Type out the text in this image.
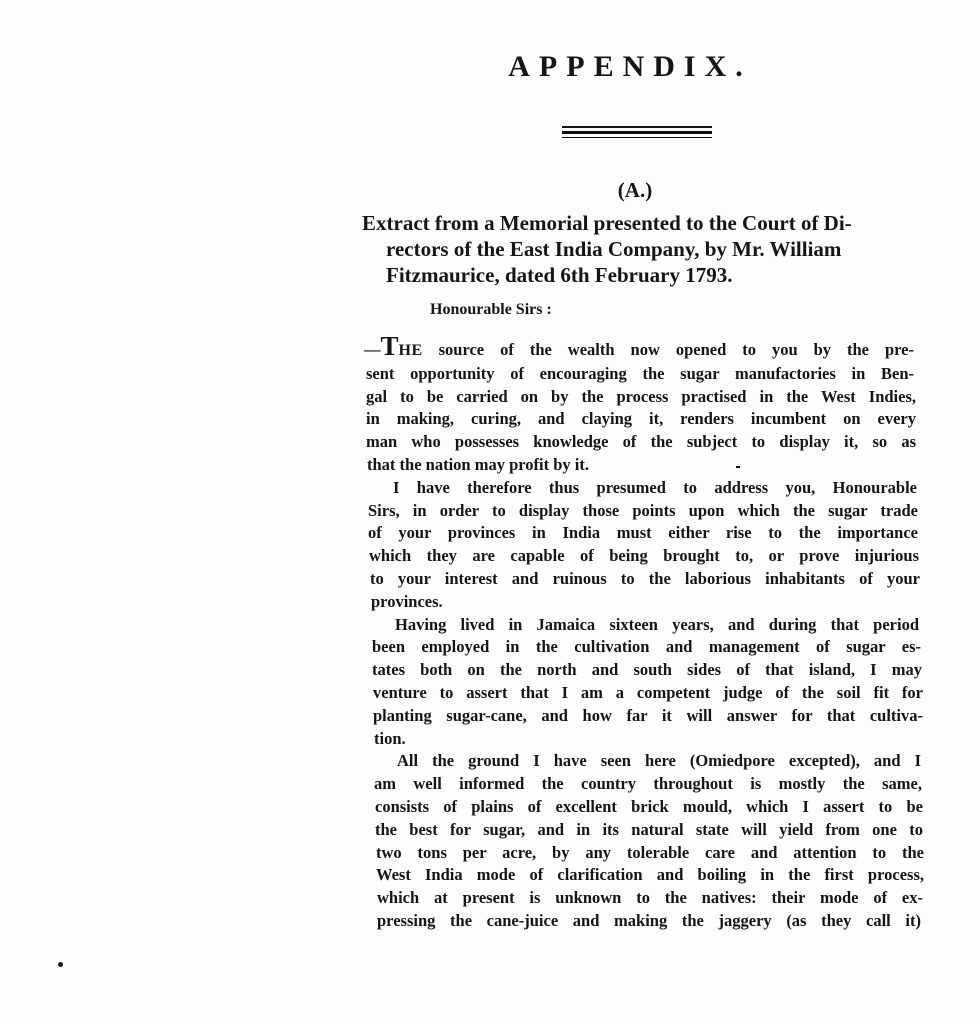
APPENDIX.
(A.)
Extract from a Memorial presented to the Court of Di-
rectors of the East India Company, by Mr. William
Fitzmaurice, dated 6th February 1793.
Honourable Sirs :
—THE source of the wealth now opened to you by the pre-
sent opportunity of encouraging the sugar manufactories in Ben-
gal to be carried on by the process practised in the West Indies,
in making, curing, and claying it, renders incumbent on every
man who possesses knowledge of the subject to display it, so as
that the nation may profit by it.
I have therefore thus presumed to address you, Honourable
Sirs, in order to display those points upon which the sugar trade
of your provinces in India must either rise to the importance
which they are capable of being brought to, or prove injurious
to your interest and ruinous to the laborious inhabitants of your
provinces.
Having lived in Jamaica sixteen years, and during that period
been employed in the cultivation and management of sugar es-
tates both on the north and south sides of that island, I may
venture to assert that I am a competent judge of the soil fit for
planting sugar-cane, and how far it will answer for that cultiva-
tion.
All the ground I have seen here (Omiedpore excepted), and I
am well informed the country throughout is mostly the same,
consists of plains of excellent brick mould, which I assert to be
the best for sugar, and in its natural state will yield from one to
two tons per acre, by any tolerable care and attention to the
West India mode of clarification and boiling in the first process,
which at present is unknown to the natives: their mode of ex-
pressing the cane-juice and making the jaggery (as they call it)
